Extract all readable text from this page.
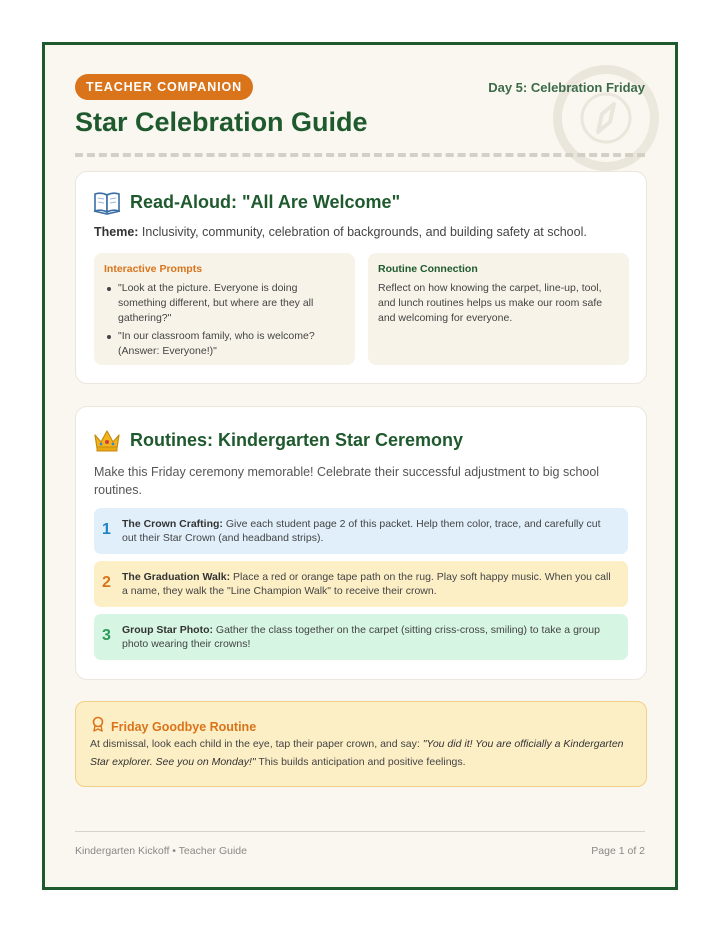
TEACHER COMPANION	Day 5: Celebration Friday
Star Celebration Guide
Read-Aloud: "All Are Welcome"
Theme: Inclusivity, community, celebration of backgrounds, and building safety at school.
Interactive Prompts
"Look at the picture. Everyone is doing something different, but where are they all gathering?"
"In our classroom family, who is welcome? (Answer: Everyone!)"
Routine Connection
Reflect on how knowing the carpet, line-up, tool, and lunch routines helps us make our room safe and welcoming for everyone.
Routines: Kindergarten Star Ceremony
Make this Friday ceremony memorable! Celebrate their successful adjustment to big school routines.
1 The Crown Crafting: Give each student page 2 of this packet. Help them color, trace, and carefully cut out their Star Crown (and headband strips).
2 The Graduation Walk: Place a red or orange tape path on the rug. Play soft happy music. When you call a name, they walk the "Line Champion Walk" to receive their crown.
3 Group Star Photo: Gather the class together on the carpet (sitting criss-cross, smiling) to take a group photo wearing their crowns!
Friday Goodbye Routine
At dismissal, look each child in the eye, tap their paper crown, and say: "You did it! You are officially a Kindergarten Star explorer. See you on Monday!" This builds anticipation and positive feelings.
Kindergarten Kickoff • Teacher Guide	Page 1 of 2
